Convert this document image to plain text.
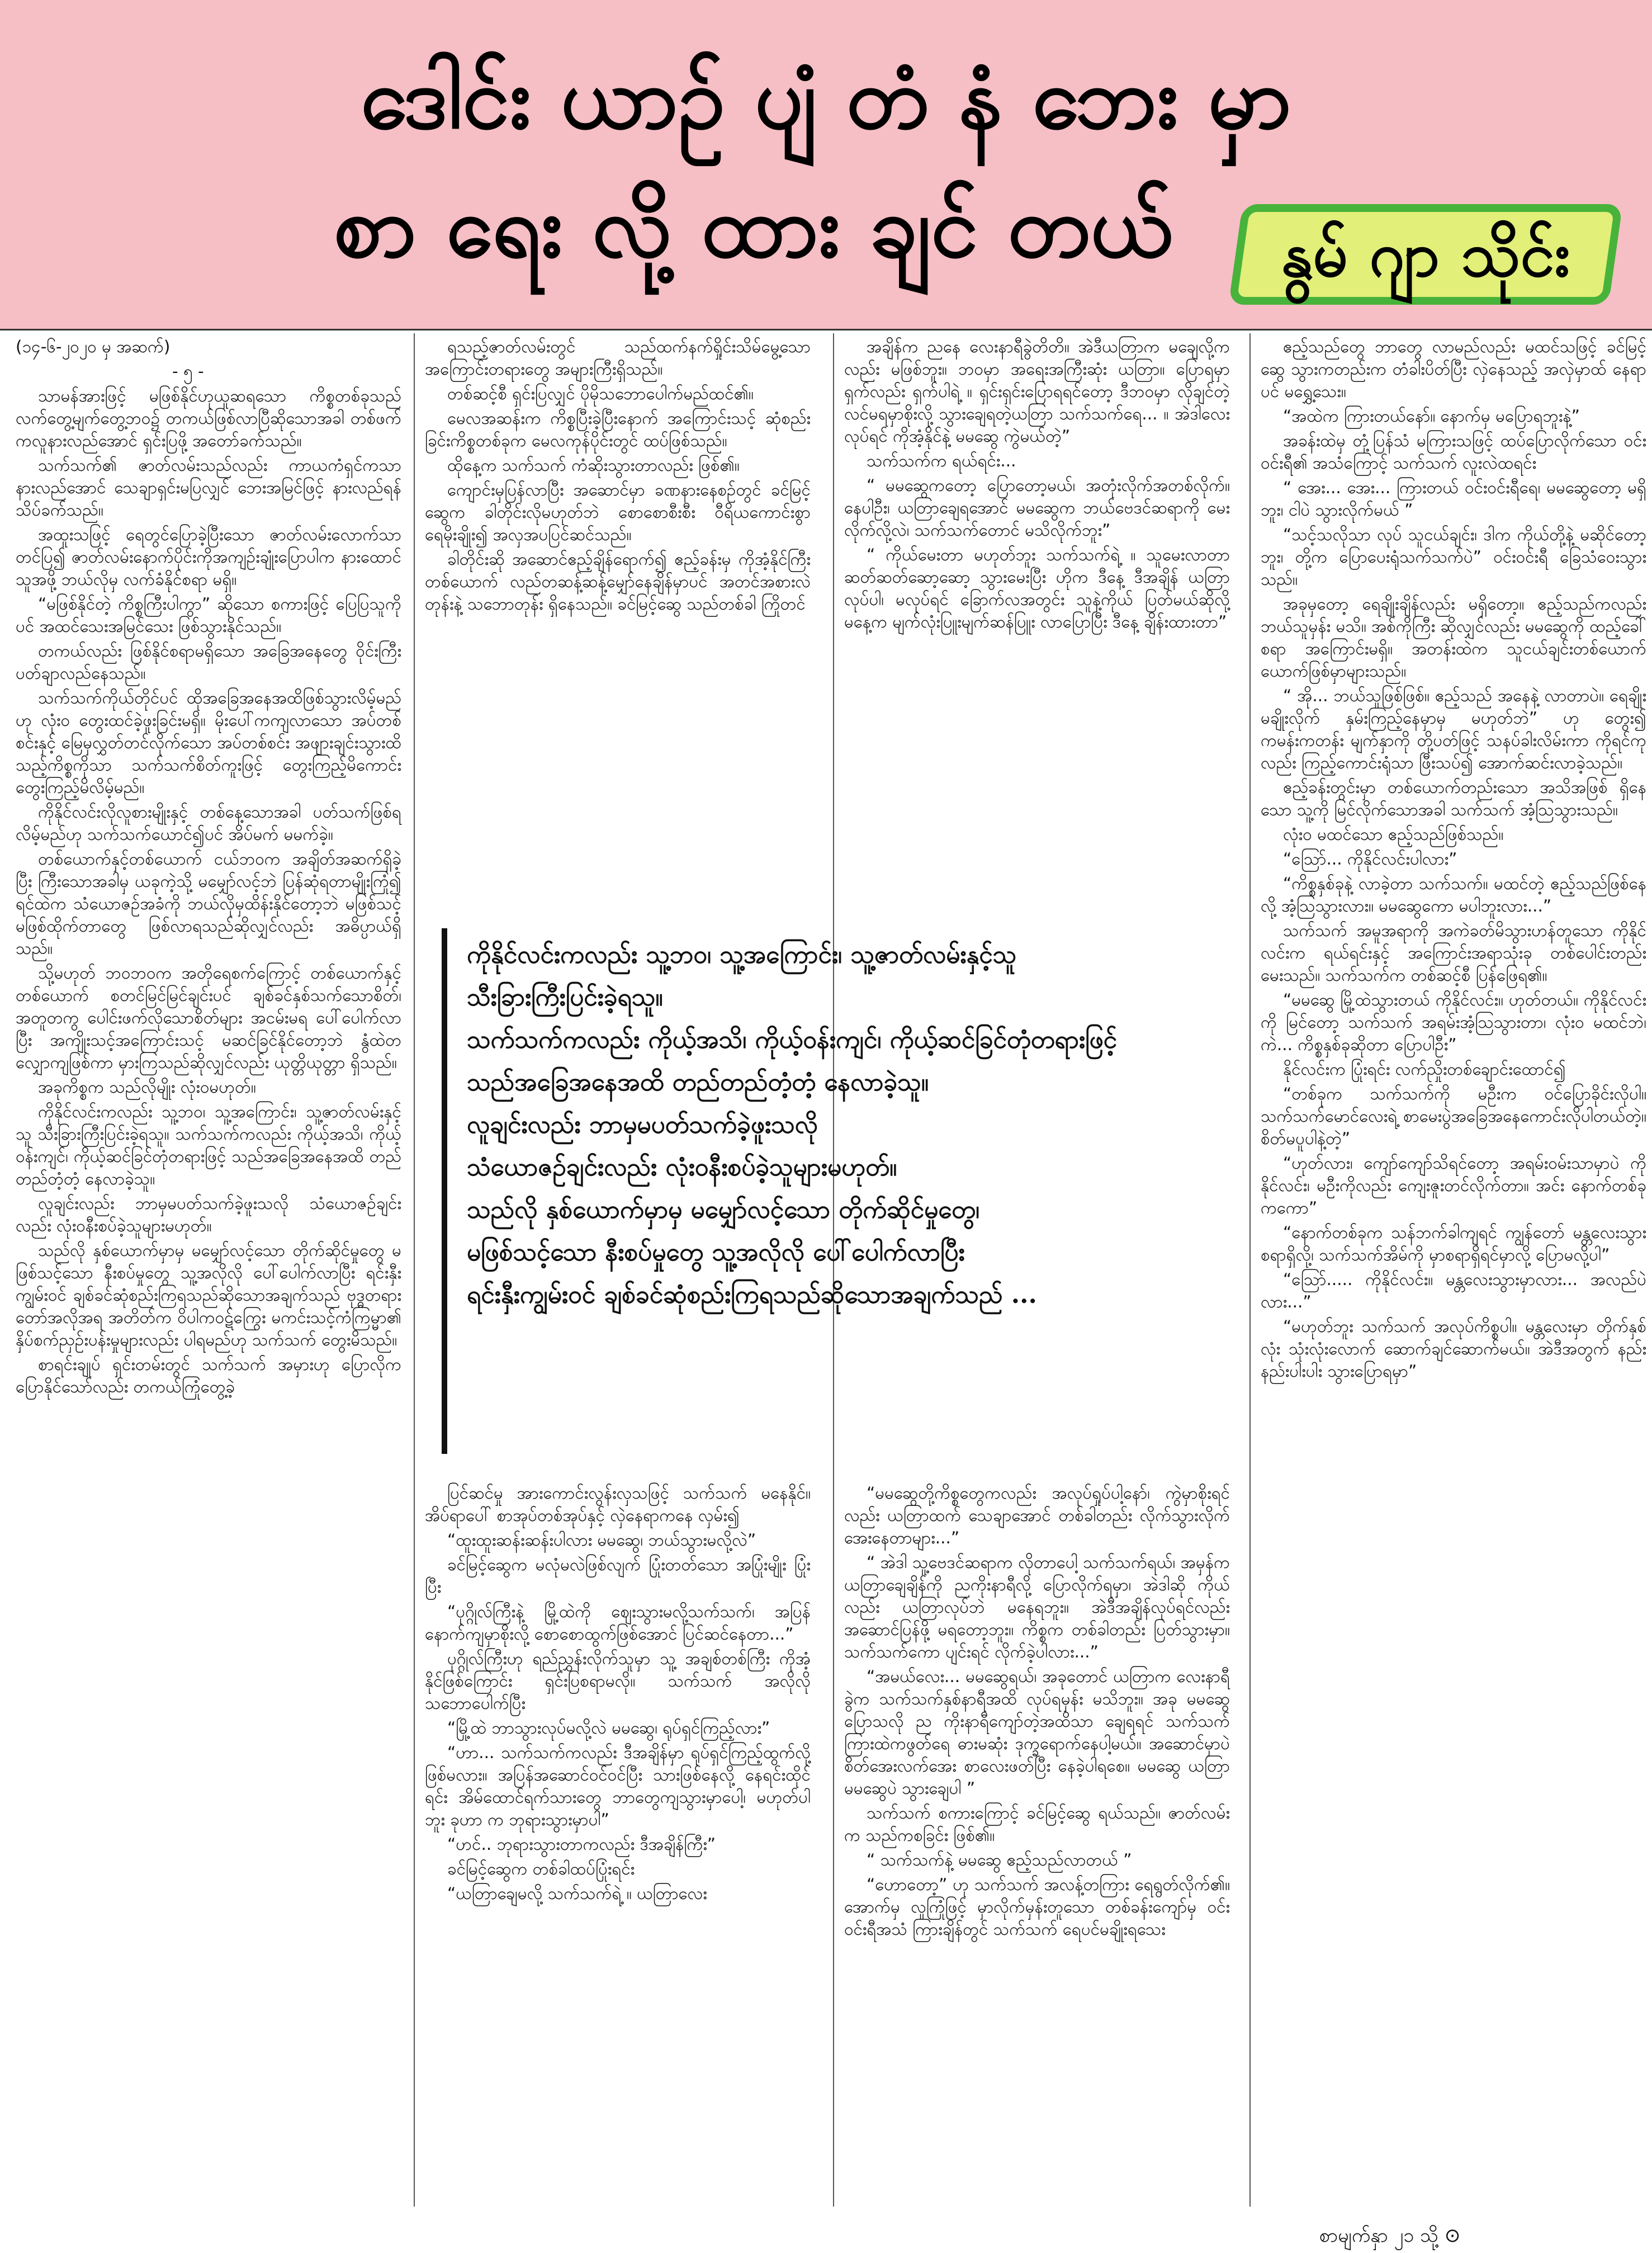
ဒေါင်း ယာဉ် ပျံ တံ နံ ဘေး မှာ
စာ ရေး လို့ ထား ချင် တယ်	နွမ် ဂျာ သိုင်း

(၁၄-၆-၂၀၂၀ မှ အဆက်)

- ၅ -

သာမန်အားဖြင့် မဖြစ်နိုင်ဟုယူဆရသော ကိစ္စတစ်ခုသည် လက်တွေ့မျက်တွေ့ဘဝ၌ တကယ်ဖြစ်လာပြီဆိုသောအခါ တစ်ဖက်ကလူနားလည်အောင် ရှင်းပြဖို့ အတော်ခက်သည်။

သက်သက်၏ ဇာတ်လမ်းသည်လည်း ကာယကံရှင်ကသာ နားလည်အောင် သေချာရှင်းမပြလျှင် ဘေးအမြင်ဖြင့် နားလည်ရန် သိပ်ခက်သည်။

အထူးသဖြင့် ရေတွင်ပြောခဲ့ပြီးသော ဇာတ်လမ်းလောက်သာ တင်ပြ၍ ဇာတ်လမ်းနောက်ပိုင်းကိုအကျဉ်းချုံးပြောပါက နားထောင်သူအဖို့ ဘယ်လိုမှ လက်ခံနိုင်စရာ မရှိ။

“မဖြစ်နိုင်တဲ့ ကိစ္စကြီးပါကွာ” ဆိုသော စကားဖြင့် ပြေပြသူကိုပင် အထင်သေးအမြင်သေး ဖြစ်သွားနိုင်သည်။

တကယ်လည်း ဖြစ်နိုင်စရာမရှိသော အခြေအနေတွေ ဝိုင်းကြီးပတ်ချာလည်နေသည်။

သက်သက်ကိုယ်တိုင်ပင် ထိုအခြေအနေအထိဖြစ်သွားလိမ့်မည်ဟု လုံးဝ တွေးထင်ခဲ့ဖူးခြင်းမရှိ။ မိုးပေါ်ကကျလာသော အပ်တစ်စင်းနှင့် မြေမှလွှတ်တင်လိုက်သော အပ်တစ်စင်း အဖျားချင်းသွားထိသည့်ကိစ္စကိုသာ သက်သက်စိတ်ကူးဖြင့် တွေးကြည့်မိကောင်း တွေးကြည့်မိလိမ့်မည်။

ကိုနိုင်လင်းလိုလူစားမျိုးနှင့် တစ်နေ့သောအခါ ပတ်သက်ဖြစ်ရလိမ့်မည်ဟု သက်သက်ယောင်၍ပင် အိပ်မက် မမက်ခဲ့။

တစ်ယောက်နှင့်တစ်ယောက် ငယ်ဘဝက အချိတ်အဆက်ရှိခဲ့ပြီး ကြီးသောအခါမှ ယခုကဲ့သို့ မမျှော်လင့်ဘဲ ပြန်ဆုံရတာမျိုးကြုံ၍ ရင်ထဲက သံယောဇဉ်အခံကို ဘယ်လိုမှထိန်းနိုင်တော့ဘဲ မဖြစ်သင့်မဖြစ်ထိုက်တာတွေ ဖြစ်လာရသည်ဆိုလျှင်လည်း အဓိပ္ပာယ်ရှိသည်။

သို့မဟုတ် ဘဝဘဝက အတိုရေစက်ကြောင့် တစ်ယောက်နှင့်တစ်ယောက် စတင်မြင်မြင်ချင်းပင် ချစ်ခင်နှစ်သက်သောစိတ်၊ အတူတကွ ပေါင်းဖက်လိုသောစိတ်များ အငမ်းမရ ပေါ်ပေါက်လာပြီး အကျိုးသင့်အကြောင်းသင့် မဆင်ခြင်နိုင်တော့ဘဲ နွံထဲတလျှောကျဖြစ်ကာ မှားကြသည်ဆိုလျှင်လည်း ယုတ္တိယုတ္တာ ရှိသည်။

အခုကိစ္စက သည်လိုမျိုး လုံးဝမဟုတ်။

ကိုနိုင်လင်းကလည်း သူ့ဘဝ၊ သူ့အကြောင်း၊ သူ့ဇာတ်လမ်းနှင့်သူ သီးခြားကြီးပြင်းခဲ့ရသူ။ သက်သက်ကလည်း ကိုယ့်အသိ၊ ကိုယ့်ဝန်းကျင်၊ ကိုယ့်ဆင်ခြင်တုံတရားဖြင့် သည်အခြေအနေအထိ တည်တည်တံ့တံ့ နေလာခဲ့သူ။

လူချင်းလည်း ဘာမှမပတ်သက်ခဲ့ဖူးသလို သံယောဇဉ်ချင်းလည်း လုံးဝနီးစပ်ခဲ့သူများမဟုတ်။

သည်လို နှစ်ယောက်မှာမှ မမျှော်လင့်သော တိုက်ဆိုင်မှုတွေ မဖြစ်သင့်သော နီးစပ်မှုတွေ သူ့အလိုလို ပေါ်ပေါက်လာပြီး ရင်းနှီးကျွမ်းဝင် ချစ်ခင်ဆုံစည်းကြရသည်ဆိုသောအချက်သည် ဗုဒ္ဓတရားတော်အလိုအရ အတိတ်က ဝိပါကဝဋ်ကြွေး မကင်းသင့်ကံကြမ္မာ၏ နှိပ်စက်ညှဉ်းပန်းမှုများလည်း ပါရမည်ဟု သက်သက် တွေးမိသည်။

စာရင်းချုပ် ရှင်းတမ်းတွင် သက်သက် အမှားဟု ပြောလိုက ပြောနိုင်သော်လည်း တကယ်ကြုံတွေ့ခဲ့

ရသည့်ဇာတ်လမ်းတွင် သည်ထက်နက်ရှိုင်းသိမ်မွေ့သော အကြောင်းတရားတွေ အများကြီးရှိသည်။

တစ်ဆင့်စီ ရှင်းပြလျှင် ပိုမိုသဘောပေါက်မည်ထင်၏။

မေလအဆန်းက ကိစ္စပြီးခဲ့ပြီးနောက် အကြောင်းသင့် ဆုံစည်းခြင်းကိစ္စတစ်ခုက မေလကုန်ပိုင်းတွင် ထပ်ဖြစ်သည်။

ထိုနေ့က သက်သက် ကံဆိုးသွားတာလည်း ဖြစ်၏။

ကျောင်းမှပြန်လာပြီး အဆောင်မှာ ခဏနားနေစဉ်တွင် ခင်မြင့်ဆွေက ခါတိုင်းလိုမဟုတ်ဘဲ စောစောစီးစီး ဝီရိယကောင်းစွာ ရေမိုးချိုး၍ အလှအပပြင်ဆင်သည်။

ခါတိုင်းဆို အဆောင်ဧည့်ချိန်ရောက်၍ ဧည့်ခန်းမှ ကိုအံ့နိုင်ကြီးတစ်ယောက် လည်တဆန့်ဆန့်မျှော်နေချိန်မှာပင် အတင်အစားလဲတုန်းနဲ့ သဘောတုန်း ရှိနေသည်။ ခင်မြင့်ဆွေ သည်တစ်ခါ ကြိုတင်

အချိန်က ညနေ လေးနာရီခွဲတိတိ။ အဲဒီယတြာက မချေလို့ကလည်း မဖြစ်ဘူး။ ဘဝမှာ အရေးအကြီးဆုံး ယတြာ။ ပြောရမှာ ရှက်လည်း ရှက်ပါရဲ့ ။ ရှင်းရှင်းပြောရရင်တော့ ဒီဘဝမှာ လိုချင်တဲ့လင်မရမှာစိုးလို့ သွားချေရတဲ့ယတြာ သက်သက်ရေ... ။ အဲဒါလေးလုပ်ရင် ကိုအံ့နိုင်နဲ့ မမဆွေ ကွဲမယ်တဲ့”

သက်သက်က ရယ်ရင်း...

“ မမဆွေကတော့ ပြောတော့မယ်၊ အတုံးလိုက်အတစ်လိုက်။ နေပါဦး၊ ယတြာချေရအောင် မမဆွေက ဘယ်ဗေဒင်ဆရာကို မေးလိုက်လို့လဲ၊ သက်သက်တောင် မသိလိုက်ဘူး”

“ ကိုယ်မေးတာ မဟုတ်ဘူး သက်သက်ရဲ့ ။ သူမေးလာတာ ဆတ်ဆတ်ဆော့ဆော့ သွားမေးပြီး ဟိုက ဒီနေ့ ဒီအချိန် ယတြာလုပ်ပါ၊ မလုပ်ရင် ခြောက်လအတွင်း သူနဲ့ကိုယ် ပြတ်မယ်ဆိုလို့ မနေ့က မျက်လုံးပြူးမျက်ဆန်ပြူး လာပြောပြီး ဒီနေ့ ချိန်းထားတာ”

ဧည့်သည်တွေ ဘာတွေ လာမည်လည်း မထင်သဖြင့် ခင်မြင့်ဆွေ သွားကတည်းက တံခါးပိတ်ပြီး လှဲနေသည့် အလှဲမှာထ် နေရာပင် မရွှေ့သေး။

“အထဲက ကြားတယ်နော်။ နောက်မှ မပြောရဘူးနဲ့”

အခန်းထဲမှ တုံ့ပြန်သံ မကြားသဖြင့် ထပ်ပြောလိုက်သော ဝင်းဝင်းရီ၏ အသံကြောင့် သက်သက် လူးလဲထရင်း

“ အေး... အေး... ကြားတယ် ဝင်းဝင်းရီရေ၊ မမဆွေတော့ မရှိဘူး၊ ငါပဲ သွားလိုက်မယ် ”

“သင့်သလိုသာ လုပ် သူငယ်ချင်း၊ ဒါက ကိုယ်တို့နဲ့ မဆိုင်တော့ဘူး၊ တို့က ပြောပေးရုံသက်သက်ပဲ” ဝင်းဝင်းရီ ခြေသံဝေးသွားသည်။

အခုမှတော့ ရေချိုးချိန်လည်း မရှိတော့။ ဧည့်သည်ကလည်း ဘယ်သူမှန်း မသိ။ အစ်ကိုကြီး ဆိုလျှင်လည်း မမဆွေကို ထည့်ခေါ်စရာ အကြောင်းမရှိ။ အတန်းထဲက သူငယ်ချင်းတစ်ယောက် ယောက်ဖြစ်မှာများသည်။

“ အို... ဘယ်သူဖြစ်ဖြစ်။ ဧည့်သည် အနေနဲ့ လာတာပဲ။ ရေချိုး မချိုးလိုက် နှမ်းကြည့်နေမှာမှ မဟုတ်ဘဲ” ဟု တွေး၍ ကမန်းကတန်း မျက်နှာကို တို့ပတ်ဖြင့် သနပ်ခါးလိမ်းကာ ကိုရင်ကုလည်း ကြည့်ကောင်းရုံသာ ဖြီးသပ်၍ အောက်ဆင်းလာခဲ့သည်။

ဧည့်ခန်းတွင်းမှာ တစ်ယောက်တည်းသော အသိအဖြစ် ရှိနေသော သူ့ကို မြင်လိုက်သောအခါ သက်သက် အံ့သြသွားသည်။

လုံးဝ မထင်သော ဧည့်သည်ဖြစ်သည်။

“သြော်... ကိုနိုင်လင်းပါလား”

“ကိစ္စနှစ်ခုနဲ့ လာခဲ့တာ သက်သက်။ မထင်တဲ့ ဧည့်သည်ဖြစ်နေလို့ အံ့သြသွားလား။ မမဆွေကော မပါဘူးလား...”

သက်သက် အမူအရာကို အကဲခတ်မိသွားဟန်တူသော ကိုနိုင်လင်းက ရယ်ရင်းနှင့် အကြောင်းအရာသုံးခု တစ်ပေါင်းတည်းမေးသည်။ သက်သက်က တစ်ဆင့်စီ ပြန်ဖြေရ၏။

“မမဆွေ မြို့ထဲသွားတယ် ကိုနိုင်လင်း။ ဟုတ်တယ်။ ကိုနိုင်လင်းကို မြင်တော့ သက်သက် အရမ်းအံ့သြသွားတာ၊ လုံးဝ မထင်ဘဲ၊ ကဲ... ကိစ္စနှစ်ခုဆိုတာ ပြောပါဦး”

နိုင်လင်းက ပြုံးရင်း လက်ညှိုးတစ်ချောင်းထောင်၍

“တစ်ခုက သက်သက်ကို မဦးက ဝင်ပြောခိုင်းလိုပါ။ သက်သက်မောင်လေးရဲ့ စာမေးပွဲအခြေအနေကောင်းလိုပါတယ်တဲ့။ စိတ်မပူပါနဲ့တဲ့”

“ဟုတ်လား၊ ကျော်ကျော်သိရင်တော့ အရမ်းဝမ်းသာမှာပဲ ကိုနိုင်လင်း၊ မဦးကိုလည်း ကျေးဇူးတင်လိုက်တာ။ အင်း နောက်တစ်ခုကကော”

“နောက်တစ်ခုက သန်ဘက်ခါကျရင် ကျွန်တော် မန္တလေးသွားစရာရှိလို့၊ သက်သက်အိမ်ကို မှာစရာရှိရင်မှာလို့ ပြောမလို့ပါ”

“သြော်..... ကိုနိုင်လင်း။ မန္တလေးသွားမှာလား... အလည်ပဲလား...”

“မဟုတ်ဘူး သက်သက် အလုပ်ကိစ္စပါ။ မန္တလေးမှာ တိုက်နှစ်လုံး သုံးလုံးလောက် ဆောက်ချင်ဆောက်မယ်။ အဲဒီအတွက် နည်းနည်းပါးပါး သွားပြောရမှာ”

ပြင်ဆင်မှု အားကောင်းလွန်းလှသဖြင့် သက်သက် မနေနိုင်။ အိပ်ရာပေါ် စာအုပ်တစ်အုပ်နှင့် လှဲနေရာကနေ လှမ်း၍

“ထူးထူးဆန်းဆန်းပါလား မမဆွေ၊ ဘယ်သွားမလို့လဲ”

ခင်မြင့်ဆွေက မလုံမလဲဖြစ်လျက် ပြုံးတတ်သော အပြုံးမျိုး ပြုံးပြီး

“ပုဂ္ဂိုလ်ကြီးနဲ့ မြို့ထဲကို ဈေးသွားမလို့သက်သက်၊ အပြန်နောက်ကျမှာစိုးလို့ စောစောထွက်ဖြစ်အောင် ပြင်ဆင်နေတာ...”

ပုဂ္ဂိုလ်ကြီးဟု ရည်ညွှန်းလိုက်သူမှာ သူ့ အချစ်တစ်ကြီး ကိုအံ့နိုင်ဖြစ်ကြောင်း ရှင်းပြစရာမလို။ သက်သက် အလိုလိုသဘောပေါက်ပြီး

“မြို့ထဲ ဘာသွားလုပ်မလို့လဲ မမဆွေ၊ ရုပ်ရှင်ကြည့်လား”

“ဟာ... သက်သက်ကလည်း ဒီအချိန်မှာ ရုပ်ရှင်ကြည့်ထွက်လို့ ဖြစ်မလား။ အပြန်အဆောင်ဝင်ဝင်ပြီး သားဖြစ်နေလို့ နေရင်းထိုင်ရင်း အိမ်ထောင်ရက်သားတွေ ဘာတွေကျသွားမှာပေါ့၊ မဟုတ်ပါဘူး ခုဟာ က ဘုရားသွားမှာပါ”

“ဟင်.. ဘုရားသွားတာကလည်း ဒီအချိန်ကြီး”

ခင်မြင့်ဆွေက တစ်ခါထပ်ပြုံးရင်း

“ယတြာချေမလို့ သက်သက်ရဲ့ ။ ယတြာလေး

“မမဆွေတို့ကိစ္စတွေကလည်း အလုပ်ရှုပ်ပါ့နော်၊ ကွဲမှာစိုးရင်လည်း ယတြာထက် သေချာအောင် တစ်ခါတည်း လိုက်သွားလိုက် အေးနေတာများ...”

“ အဲဒါ သူ့ဗေဒင်ဆရာက လိုတာပေါ့ သက်သက်ရယ်၊ အမှန်က ယတြာချေချိန်ကို ညကိုးနာရီလို့ ပြောလိုက်ရမှာ၊ အဲဒါဆို ကိုယ်လည်း ယတြာလုပ်ဘဲ မနေရဘူး။ အဲဒီအချိန်လုပ်ရင်လည်း အဆောင်ပြန်ဖို့ မရတော့ဘူး။ ကိစ္စက တစ်ခါတည်း ပြတ်သွားမှာ။ သက်သက်ကော ပျင်းရင် လိုက်ခဲ့ပါလား...”

“အမယ်လေး... မမဆွေရယ်၊ အခုတောင် ယတြာက လေးနာရီခွဲက သက်သက်နှစ်နာရီအထိ လုပ်ရမှန်း မသိဘူး။ အခု မမဆွေပြောသလို ည ကိုးနာရီကျော်တဲ့အထိသာ ချေရရင် သက်သက်ကြားထဲကဖွတ်ရေ ဓားမဆုံး ဒုက္ခရောက်နေပါ့မယ်။ အဆောင်မှာပဲ စိတ်အေးလက်အေး စာလေးဖတ်ပြီး နေခဲ့ပါရစေ။ မမဆွေ ယတြာ မမဆွေပဲ သွားချေပါ ”

သက်သက် စကားကြောင့် ခင်မြင့်ဆွေ ရယ်သည်။ ဇာတ်လမ်းက သည်ကစခြင်း ဖြစ်၏။

“ သက်သက်နဲ့ မမဆွေ ဧည့်သည်လာတယ် ”

“ဟောတော့” ဟု သက်သက် အလန့်တကြား ရေရွတ်လိုက်၏။ အောက်မှ လူကြုံဖြင့် မှာလိုက်မှန်းတူသော တစ်ခန်းကျော်မှ ဝင်းဝင်းရီအသံ ကြားချိန်တွင် သက်သက် ရေပင်မချိုးရသေး

ကိုနိုင်လင်းကလည်း သူ့ဘဝ၊ သူ့အကြောင်း၊ သူ့ဇာတ်လမ်းနှင့်သူ
သီးခြားကြီးပြင်းခဲ့ရသူ။
သက်သက်ကလည်း ကိုယ့်အသိ၊ ကိုယ့်ဝန်းကျင်၊ ကိုယ့်ဆင်ခြင်တုံတရားဖြင့်
သည်အခြေအနေအထိ တည်တည်တံ့တံ့ နေလာခဲ့သူ။
လူချင်းလည်း ဘာမှမပတ်သက်ခဲ့ဖူးသလို
သံယောဇဉ်ချင်းလည်း လုံးဝနီးစပ်ခဲ့သူများမဟုတ်။
သည်လို နှစ်ယောက်မှာမှ မမျှော်လင့်သော တိုက်ဆိုင်မှုတွေ၊
မဖြစ်သင့်သော နီးစပ်မှုတွေ သူ့အလိုလို ပေါ်ပေါက်လာပြီး
ရင်းနှီးကျွမ်းဝင် ချစ်ခင်ဆုံစည်းကြရသည်ဆိုသောအချက်သည် ...
စာမျက်နှာ ၂၁ သို့ ⊙
